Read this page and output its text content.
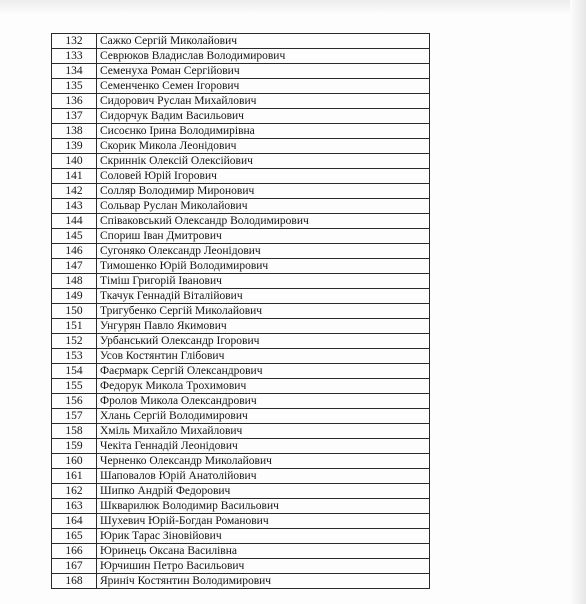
132	Сажко Сергій Миколайович
133	Севрюков Владислав Володимирович
134	Семенуха Роман Сергійович
135	Семенченко Семен Ігорович
136	Сидорович Руслан Михайлович
137	Сидорчук Вадим Васильович
138	Сисоєнко Ірина Володимирівна
139	Скорик Микола Леонідович
140	Скриннік Олексій Олексійович
141	Соловей Юрій Ігорович
142	Солляр Володимир Миронович
143	Сольвар Руслан Миколайович
144	Співаковський Олександр Володимирович
145	Спориш Іван Дмитрович
146	Сугоняко Олександр Леонідович
147	Тимошенко Юрій Володимирович
148	Тіміш Григорій Іванович
149	Ткачук Геннадій Віталійович
150	Тригубенко Сергій Миколайович
151	Унгурян Павло Якимович
152	Урбанський Олександр Ігорович
153	Усов Костянтин Глібович
154	Фаєрмарк Сергій Олександрович
155	Федорук Микола Трохимович
156	Фролов Микола Олександрович
157	Хлань Сергій Володимирович
158	Хміль Михайло Михайлович
159	Чекіта Геннадій Леонідович
160	Черненко Олександр Миколайович
161	Шаповалов Юрій Анатолійович
162	Шипко Андрій Федорович
163	Шкварилюк Володимир Васильович
164	Шухевич Юрій-Богдан Романович
165	Юрик Тарас Зіновійович
166	Юринець Оксана Василівна
167	Юрчишин Петро Васильович
168	Яриніч Костянтин Володимирович
